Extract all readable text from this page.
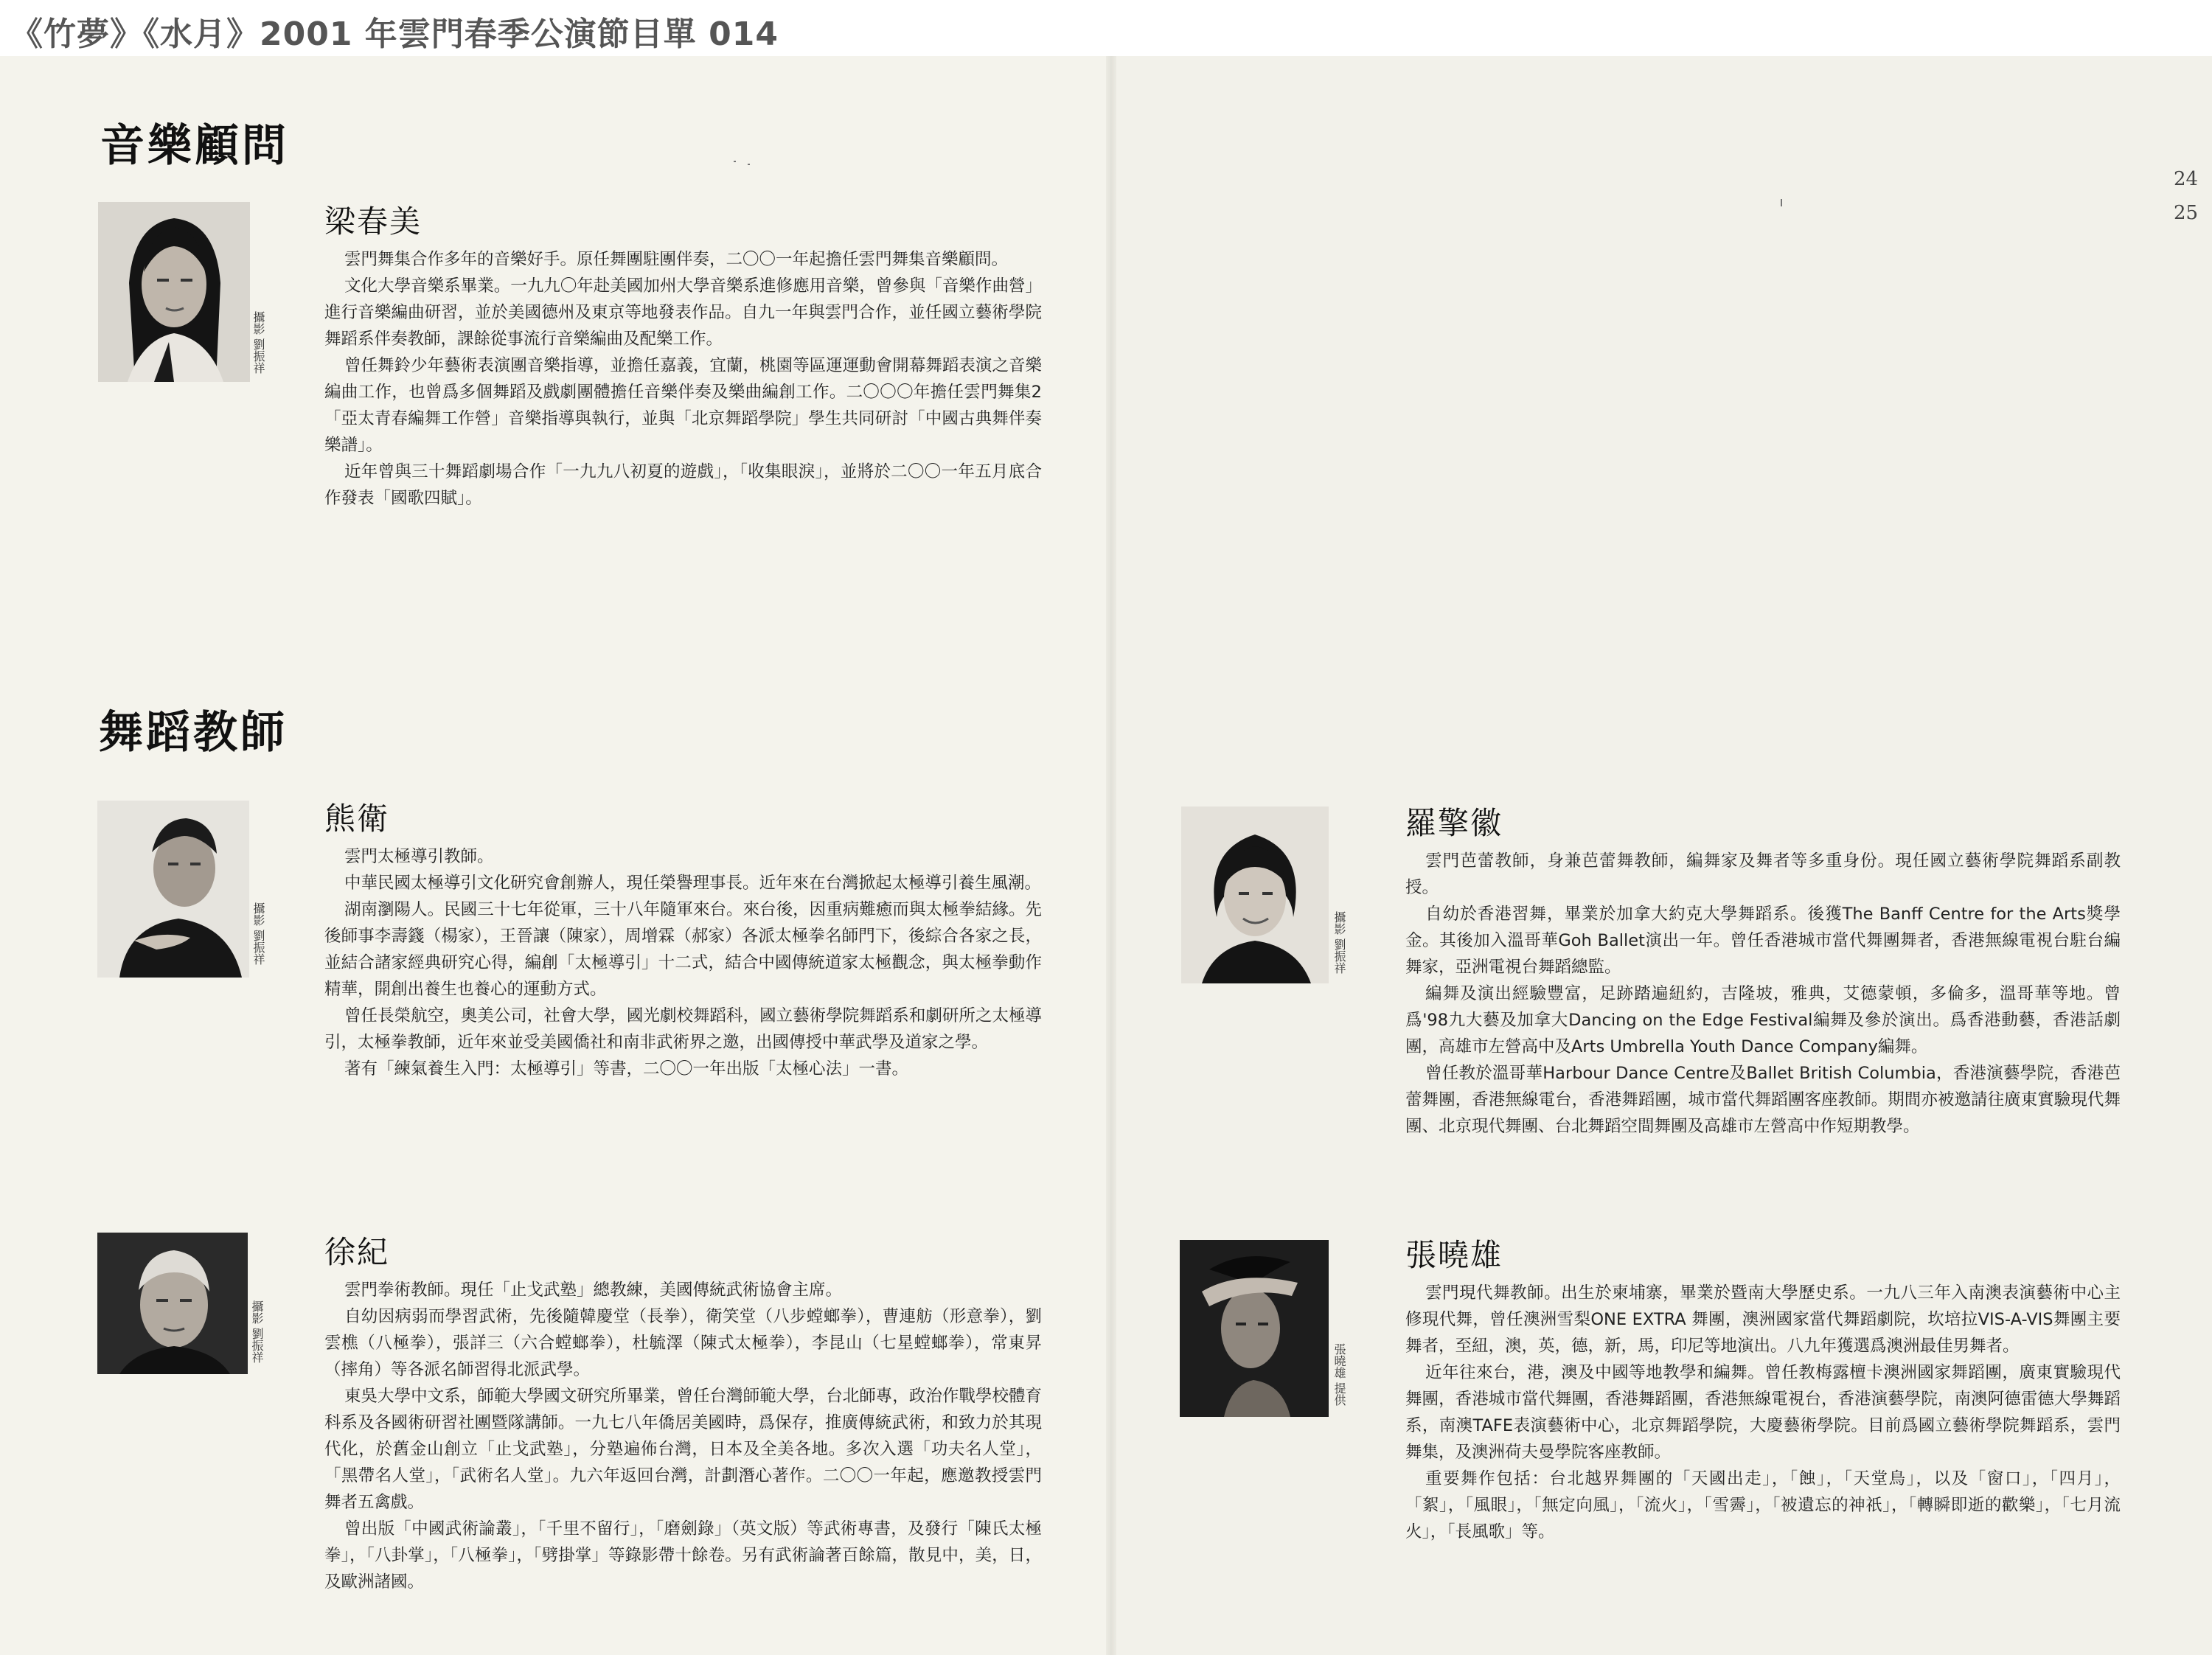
《竹夢》《水月》2001 年雲門春季公演節目單 014
24
25
音樂顧問
攝影 劉振祥
梁春美

雲門舞集合作多年的音樂好手。原任舞團駐團伴奏，二〇〇一年起擔任雲門舞集音樂顧問。

文化大學音樂系畢業。一九九〇年赴美國加州大學音樂系進修應用音樂，曾參與「音樂作曲營」進行音樂編曲研習，並於美國德州及東京等地發表作品。自九一年與雲門合作，並任國立藝術學院舞蹈系伴奏教師，課餘從事流行音樂編曲及配樂工作。

曾任舞鈴少年藝術表演團音樂指導，並擔任嘉義，宜蘭，桃園等區運運動會開幕舞蹈表演之音樂編曲工作，也曾爲多個舞蹈及戲劇團體擔任音樂伴奏及樂曲編創工作。二〇〇〇年擔任雲門舞集2「亞太青春編舞工作營」音樂指導與執行，並與「北京舞蹈學院」學生共同研討「中國古典舞伴奏樂譜」。

近年曾與三十舞蹈劇場合作「一九九八初夏的遊戲」，「收集眼淚」，並將於二〇〇一年五月底合作發表「國歌四賦」。

舞蹈教師
攝影 劉振祥
熊衛

雲門太極導引教師。

中華民國太極導引文化研究會創辦人，現任榮譽理事長。近年來在台灣掀起太極導引養生風潮。

湖南瀏陽人。民國三十七年從軍，三十八年隨軍來台。來台後，因重病難癒而與太極拳結緣。先後師事李壽籛（楊家），王晉讓（陳家），周增霖（郝家）各派太極拳名師門下，後綜合各家之長，並結合諸家經典研究心得，編創「太極導引」十二式，結合中國傳統道家太極觀念，與太極拳動作精華，開創出養生也養心的運動方式。

曾任長榮航空，奧美公司，社會大學，國光劇校舞蹈科，國立藝術學院舞蹈系和劇研所之太極導引，太極拳教師，近年來並受美國僑社和南非武術界之邀，出國傳授中華武學及道家之學。

著有「練氣養生入門：太極導引」等書，二〇〇一年出版「太極心法」一書。

攝影 劉振祥
徐紀

雲門拳術教師。現任「止戈武塾」總教練，美國傳統武術協會主席。

自幼因病弱而學習武術，先後隨韓慶堂（長拳），衛笑堂（八步螳螂拳），曹連舫（形意拳），劉雲樵（八極拳），張詳三（六合螳螂拳），杜毓澤（陳式太極拳），李昆山（七星螳螂拳），常東昇（摔角）等各派名師習得北派武學。

東吳大學中文系，師範大學國文研究所畢業，曾任台灣師範大學，台北師專，政治作戰學校體育科系及各國術研習社團暨隊講師。一九七八年僑居美國時，爲保存，推廣傳統武術，和致力於其現代化，於舊金山創立「止戈武塾」，分塾遍佈台灣，日本及全美各地。多次入選「功夫名人堂」，「黑帶名人堂」，「武術名人堂」。九六年返回台灣，計劃潛心著作。二〇〇一年起，應邀教授雲門舞者五禽戲。

曾出版「中國武術論叢」，「千里不留行」，「磨劍錄」（英文版）等武術專書，及發行「陳氏太極拳」，「八卦掌」，「八極拳」，「劈掛掌」等錄影帶十餘卷。另有武術論著百餘篇，散見中，美，日，及歐洲諸國。

攝影 劉振祥
羅擎徽

雲門芭蕾教師，身兼芭蕾舞教師，編舞家及舞者等多重身份。現任國立藝術學院舞蹈系副教授。

自幼於香港習舞，畢業於加拿大約克大學舞蹈系。後獲The Banff Centre for the Arts獎學金。其後加入溫哥華Goh Ballet演出一年。曾任香港城市當代舞團舞者，香港無線電視台駐台編舞家，亞洲電視台舞蹈總監。

編舞及演出經驗豐富，足跡踏遍紐約，吉隆坡，雅典，艾德蒙頓，多倫多，溫哥華等地。曾爲'98九大藝及加拿大Dancing on the Edge Festival編舞及參於演出。爲香港動藝，香港話劇團，高雄市左營高中及Arts Umbrella Youth Dance Company編舞。

曾任教於溫哥華Harbour Dance Centre及Ballet British Columbia，香港演藝學院，香港芭蕾舞團，香港無線電台，香港舞蹈團，城市當代舞蹈團客座教師。期間亦被邀請往廣東實驗現代舞團、北京現代舞團、台北舞蹈空間舞團及高雄市左營高中作短期教學。

張曉雄 提供
張曉雄

雲門現代舞教師。出生於柬埔寨，畢業於暨南大學歷史系。一九八三年入南澳表演藝術中心主修現代舞，曾任澳洲雪梨ONE EXTRA 舞團，澳洲國家當代舞蹈劇院，坎培拉VIS-A-VIS舞團主要舞者，至紐，澳，英，德，新，馬，印尼等地演出。八九年獲選爲澳洲最佳男舞者。

近年往來台，港，澳及中國等地教學和編舞。曾任教梅露檀卡澳洲國家舞蹈團，廣東實驗現代舞團，香港城市當代舞團，香港舞蹈團，香港無線電視台，香港演藝學院，南澳阿德雷德大學舞蹈系，南澳TAFE表演藝術中心，北京舞蹈學院，大慶藝術學院。目前爲國立藝術學院舞蹈系，雲門舞集，及澳洲荷夫曼學院客座教師。

重要舞作包括：台北越界舞團的「天國出走」，「蝕」，「天堂鳥」，以及「窗口」，「四月」，「絮」，「風眼」，「無定向風」，「流火」，「雪霽」，「被遺忘的神祇」，「轉瞬即逝的歡樂」，「七月流火」，「長風歌」等。
